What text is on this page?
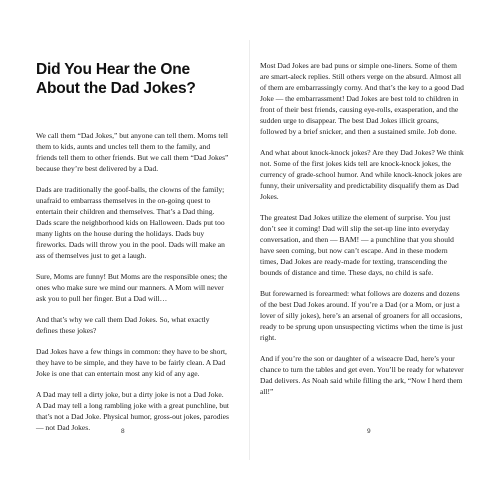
Did You Hear the One
About the Dad Jokes?

We call them “Dad Jokes,” but anyone can tell them. Moms tell them to kids, aunts and uncles tell them to the family, and friends tell them to other friends. But we call them “Dad Jokes” because they’re best delivered by a Dad.

Dads are traditionally the goof-balls, the clowns of the family; unafraid to embarrass themselves in the on-going quest to entertain their children and themselves. That’s a Dad thing. Dads scare the neighborhood kids on Halloween. Dads put too many lights on the house during the holidays. Dads buy fireworks. Dads will throw you in the pool. Dads will make an ass of themselves just to get a laugh.

Sure, Moms are funny! But Moms are the responsible ones; the ones who make sure we mind our manners. A Mom will never ask you to pull her finger. But a Dad will…

And that’s why we call them Dad Jokes. So, what exactly defines these jokes?

Dad Jokes have a few things in common: they have to be short, they have to be simple, and they have to be fairly clean. A Dad Joke is one that can entertain most any kid of any age.

A Dad may tell a dirty joke, but a dirty joke is not a Dad Joke. A Dad may tell a long rambling joke with a great punchline, but that’s not a Dad Joke. Physical humor, gross-out jokes, parodies — not Dad Jokes.

Most Dad Jokes are bad puns or simple one-liners. Some of them are smart-aleck replies. Still others verge on the absurd. Almost all of them are embarrassingly corny. And that’s the key to a good Dad Joke — the embarrassment! Dad Jokes are best told to children in front of their best friends, causing eye-rolls, exasperation, and the sudden urge to disappear. The best Dad Jokes illicit groans, followed by a brief snicker, and then a sustained smile. Job done.

And what about knock-knock jokes? Are they Dad Jokes? We think not. Some of the first jokes kids tell are knock-knock jokes, the currency of grade-school humor. And while knock-knock jokes are funny, their universality and predictability disqualify them as Dad Jokes.

The greatest Dad Jokes utilize the element of surprise. You just don’t see it coming! Dad will slip the set-up line into everyday conversation, and then — BAM! — a punchline that you should have seen coming, but now can’t escape. And in these modern times, Dad Jokes are ready-made for texting, transcending the bounds of distance and time. These days, no child is safe.

But forewarned is forearmed: what follows are dozens and dozens of the best Dad Jokes around. If you’re a Dad (or a Mom, or just a lover of silly jokes), here’s an arsenal of groaners for all occasions, ready to be sprung upon unsuspecting victims when the time is just right.

And if you’re the son or daughter of a wiseacre Dad, here’s your chance to turn the tables and get even. You’ll be ready for whatever Dad delivers. As Noah said while filling the ark, “Now I herd them all!”

8	9
